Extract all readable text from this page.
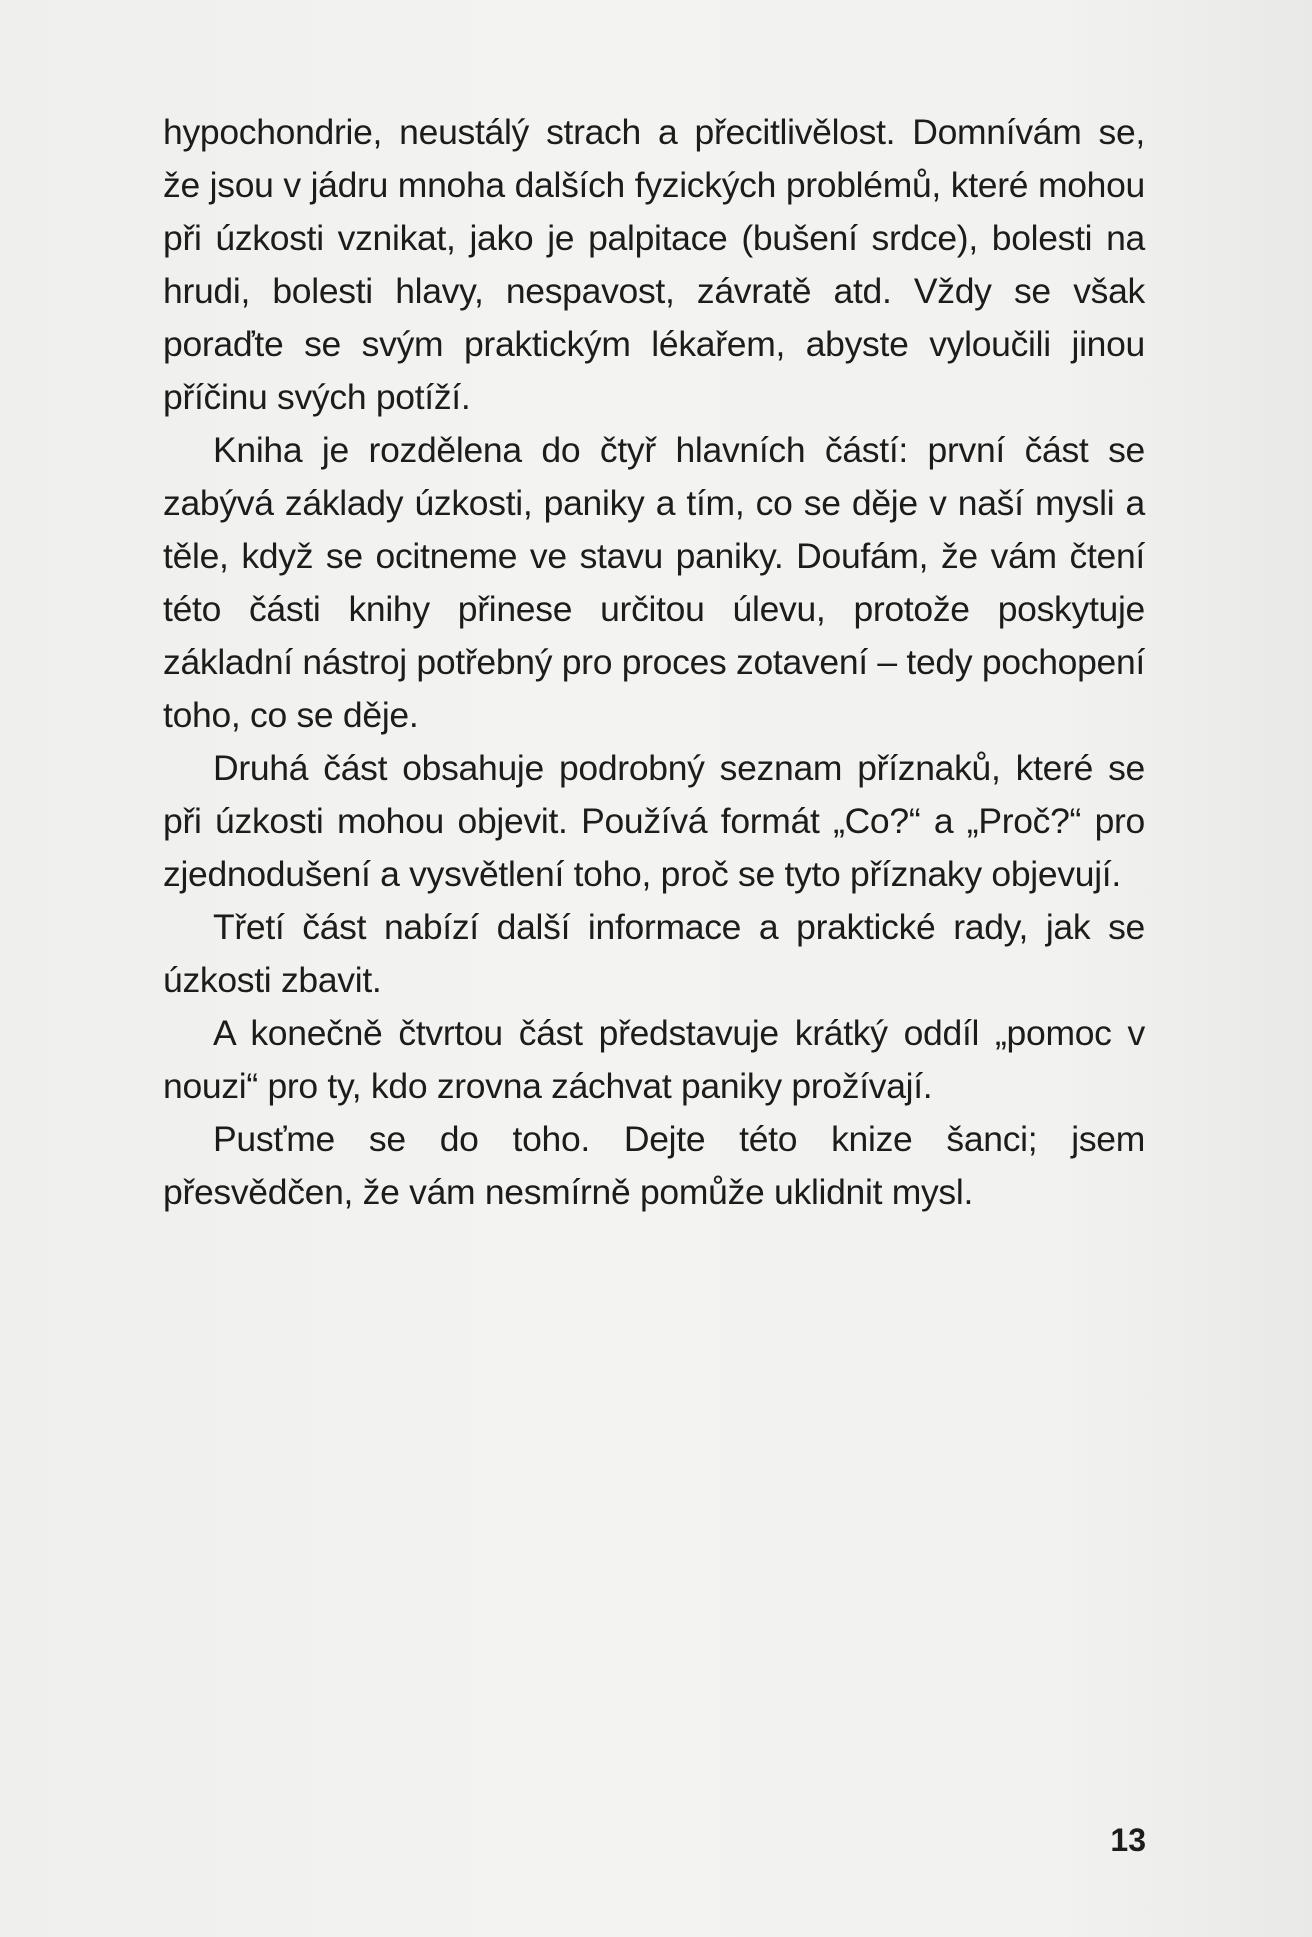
hypochondrie, neustálý strach a přecitlivělost. Domnívám se, že jsou v jádru mnoha dalších fyzických problémů, které mohou při úzkosti vznikat, jako je palpitace (bušení srdce), bolesti na hrudi, bolesti hlavy, nespavost, závratě atd. Vždy se však poraďte se svým praktickým lékařem, abyste vyloučili jinou příčinu svých potíží.

Kniha je rozdělena do čtyř hlavních částí: první část se zabývá základy úzkosti, paniky a tím, co se děje v naší mysli a těle, když se ocitneme ve stavu paniky. Doufám, že vám čtení této části knihy přinese určitou úlevu, protože poskytuje základní nástroj potřebný pro proces zotavení – tedy pochopení toho, co se děje.

Druhá část obsahuje podrobný seznam příznaků, které se při úzkosti mohou objevit. Používá formát „Co?“ a „Proč?“ pro zjednodušení a vysvětlení toho, proč se tyto příznaky objevují.

Třetí část nabízí další informace a praktické rady, jak se úzkosti zbavit.

A konečně čtvrtou část představuje krátký oddíl „pomoc v nouzi“ pro ty, kdo zrovna záchvat paniky prožívají.

Pusťme se do toho. Dejte této knize šanci; jsem přesvědčen, že vám nesmírně pomůže uklidnit mysl.

13
